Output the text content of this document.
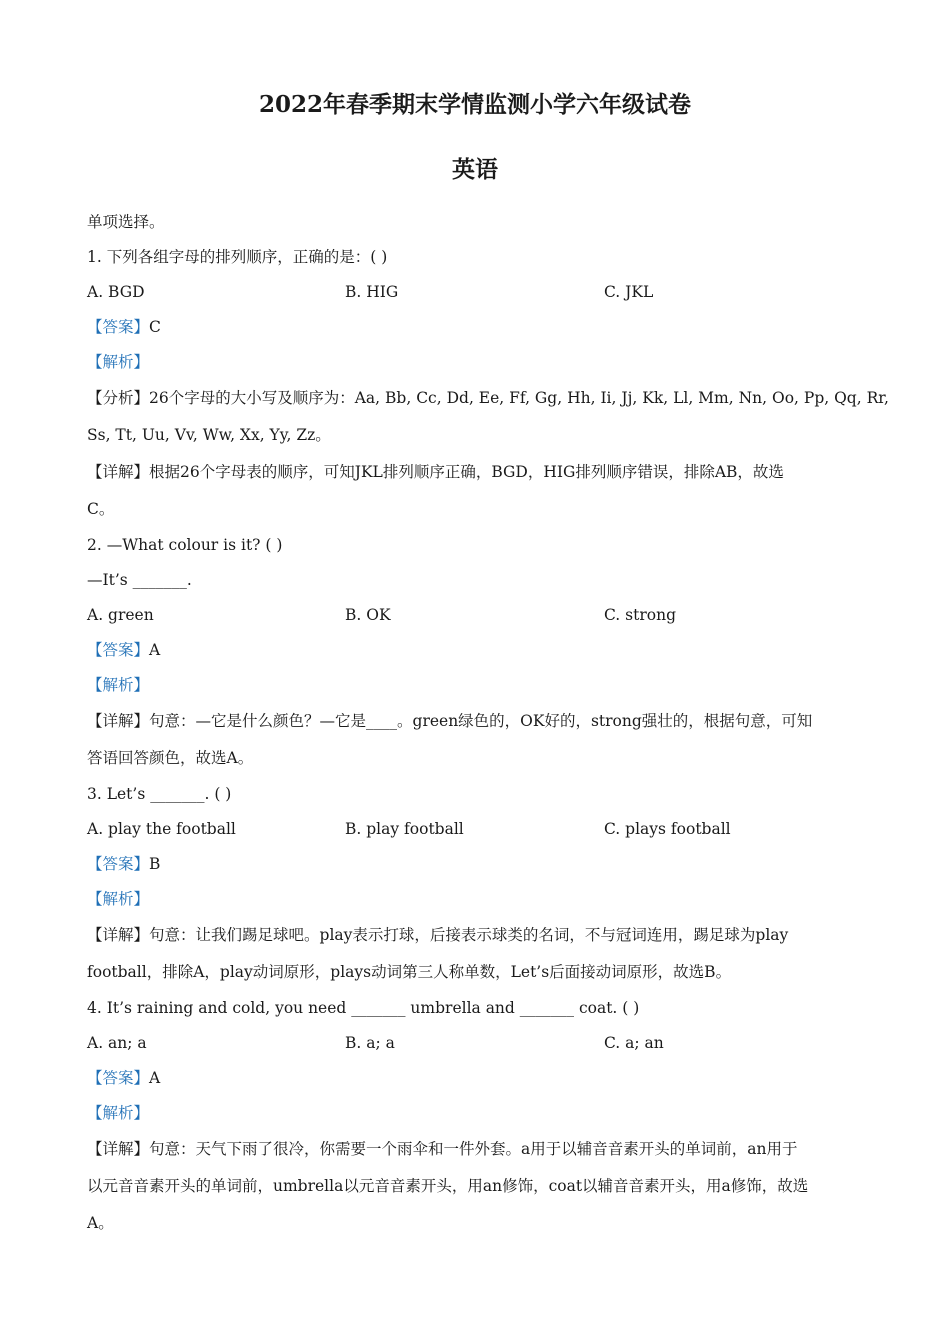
2022年春季期末学情监测小学六年级试卷
英语
单项选择。
1. 下列各组字母的排列顺序，正确的是：( )
A. BGD	B. HIG	C. JKL
【答案】C
【解析】
【分析】26个字母的大小写及顺序为：Aa, Bb, Cc, Dd, Ee, Ff, Gg, Hh, Ii, Jj, Kk, Ll, Mm, Nn, Oo, Pp, Qq, Rr,
Ss, Tt, Uu, Vv, Ww, Xx, Yy, Zz。
【详解】根据26个字母表的顺序，可知JKL排列顺序正确，BGD，HIG排列顺序错误，排除AB，故选
C。
2. —What colour is it? ( )
—It’s _______.
A. green	B. OK	C. strong
【答案】A
【解析】
【详解】句意：—它是什么颜色？—它是____。green绿色的，OK好的，strong强壮的，根据句意，可知
答语回答颜色，故选A。
3. Let’s _______. ( )
A. play the football	B. play football	C. plays football
【答案】B
【解析】
【详解】句意：让我们踢足球吧。play表示打球，后接表示球类的名词，不与冠词连用，踢足球为play
football，排除A，play动词原形，plays动词第三人称单数，Let’s后面接动词原形，故选B。
4. It’s raining and cold, you need _______ umbrella and _______ coat. ( )
A. an; a	B. a; a	C. a; an
【答案】A
【解析】
【详解】句意：天气下雨了很冷，你需要一个雨伞和一件外套。a用于以辅音音素开头的单词前，an用于
以元音音素开头的单词前，umbrella以元音音素开头，用an修饰，coat以辅音音素开头，用a修饰，故选
A。
